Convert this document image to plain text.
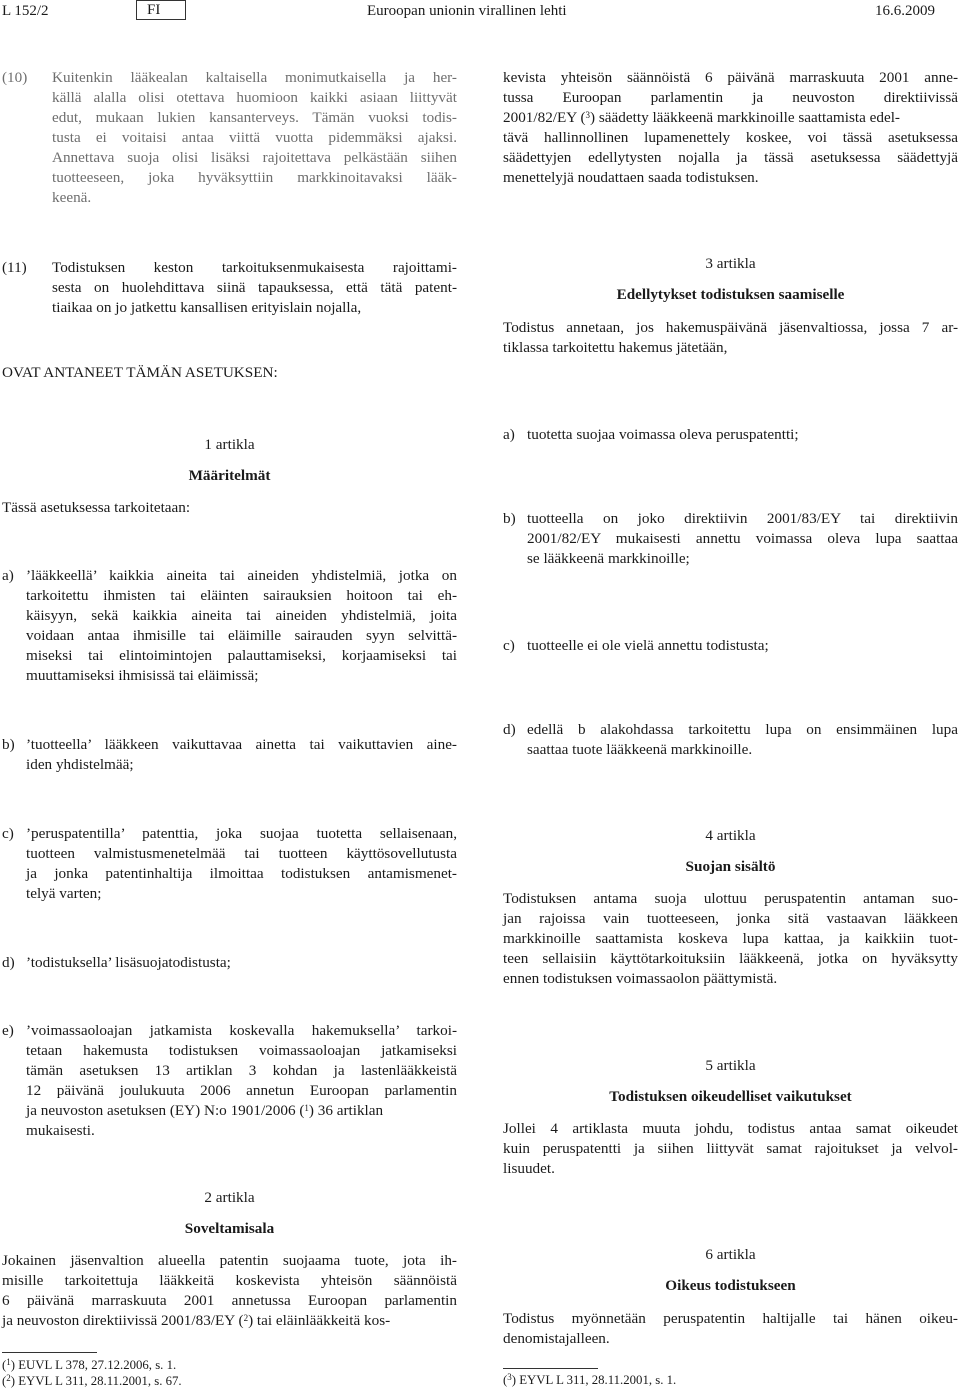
L 152/2	FI	Euroopan unionin virallinen lehti	16.6.2009
(10) Kuitenkin lääkealan kaltaisella monimutkaisella ja her-
källä alalla olisi otettava huomioon kaikki asiaan liittyvät
edut, mukaan lukien kansanterveys. Tämän vuoksi todis-
tusta ei voitaisi antaa viittä vuotta pidemmäksi ajaksi.
Annettava suoja olisi lisäksi rajoitettava pelkästään siihen
tuotteeseen, joka hyväksyttiin markkinoitavaksi lääk-
keenä.
(11) Todistuksen keston tarkoituksenmukaisesta rajoittami-
sesta on huolehdittava siinä tapauksessa, että tätä patent-
tiaikaa on jo jatkettu kansallisen erityislain nojalla,
OVAT ANTANEET TÄMÄN ASETUKSEN:
1 artikla
Määritelmät
Tässä asetuksessa tarkoitetaan:
a) ’lääkkeellä’ kaikkia aineita tai aineiden yhdistelmiä, jotka on
tarkoitettu ihmisten tai eläinten sairauksien hoitoon tai eh-
käisyyn, sekä kaikkia aineita tai aineiden yhdistelmiä, joita
voidaan antaa ihmisille tai eläimille sairauden syyn selvittä-
miseksi tai elintoimintojen palauttamiseksi, korjaamiseksi tai
muuttamiseksi ihmisissä tai eläimissä;
b) ’tuotteella’ lääkkeen vaikuttavaa ainetta tai vaikuttavien aine-
iden yhdistelmää;
c) ’peruspatentilla’ patenttia, joka suojaa tuotetta sellaisenaan,
tuotteen valmistusmenetelmää tai tuotteen käyttösovellutusta
ja jonka patentinhaltija ilmoittaa todistuksen antamismenet-
telyä varten;
d) ’todistuksella’ lisäsuojatodistusta;
e) ’voimassaoloajan jatkamista koskevalla hakemuksella’ tarkoi-
tetaan hakemusta todistuksen voimassaoloajan jatkamiseksi
tämän asetuksen 13 artiklan 3 kohdan ja lastenlääkkeistä
12 päivänä joulukuuta 2006 annetun Euroopan parlamentin
ja neuvoston asetuksen (EY) N:o 1901/2006 ($^1$) 36 artiklan
mukaisesti.
2 artikla
Soveltamisala
Jokainen jäsenvaltion alueella patentin suojaama tuote, jota ih-
misille tarkoitettuja lääkkeitä koskevista yhteisön säännöistä
6 päivänä marraskuuta 2001 annetussa Euroopan parlamentin
ja neuvoston direktiivissä 2001/83/EY ($^2$) tai eläinlääkkeitä kos-
($^1$) EUVL L 378, 27.12.2006, s. 1.
($^2$) EYVL L 311, 28.11.2001, s. 67.
kevista yhteisön säännöistä 6 päivänä marraskuuta 2001 anne-
tussa Euroopan parlamentin ja neuvoston direktiivissä
2001/82/EY ($^3$) säädetty lääkkeenä markkinoille saattamista edel-
tävä hallinnollinen lupamenettely koskee, voi tässä asetuksessa
säädettyjen edellytysten nojalla ja tässä asetuksessa säädettyjä
menettelyjä noudattaen saada todistuksen.
3 artikla
Edellytykset todistuksen saamiselle
Todistus annetaan, jos hakemuspäivänä jäsenvaltiossa, jossa 7 ar-
tiklassa tarkoitettu hakemus jätetään,
a) tuotetta suojaa voimassa oleva peruspatentti;
b) tuotteella on joko direktiivin 2001/83/EY tai direktiivin
2001/82/EY mukaisesti annettu voimassa oleva lupa saattaa
se lääkkeenä markkinoille;
c) tuotteelle ei ole vielä annettu todistusta;
d) edellä b alakohdassa tarkoitettu lupa on ensimmäinen lupa
saattaa tuote lääkkeenä markkinoille.
4 artikla
Suojan sisältö
Todistuksen antama suoja ulottuu peruspatentin antaman suo-
jan rajoissa vain tuotteeseen, jonka sitä vastaavan lääkkeen
markkinoille saattamista koskeva lupa kattaa, ja kaikkiin tuot-
teen sellaisiin käyttötarkoituksiin lääkkeenä, jotka on hyväksytty
ennen todistuksen voimassaolon päättymistä.
5 artikla
Todistuksen oikeudelliset vaikutukset
Jollei 4 artiklasta muuta johdu, todistus antaa samat oikeudet
kuin peruspatentti ja siihen liittyvät samat rajoitukset ja velvol-
lisuudet.
6 artikla
Oikeus todistukseen
Todistus myönnetään peruspatentin haltijalle tai hänen oikeu-
denomistajalleen.
($^3$) EYVL L 311, 28.11.2001, s. 1.
